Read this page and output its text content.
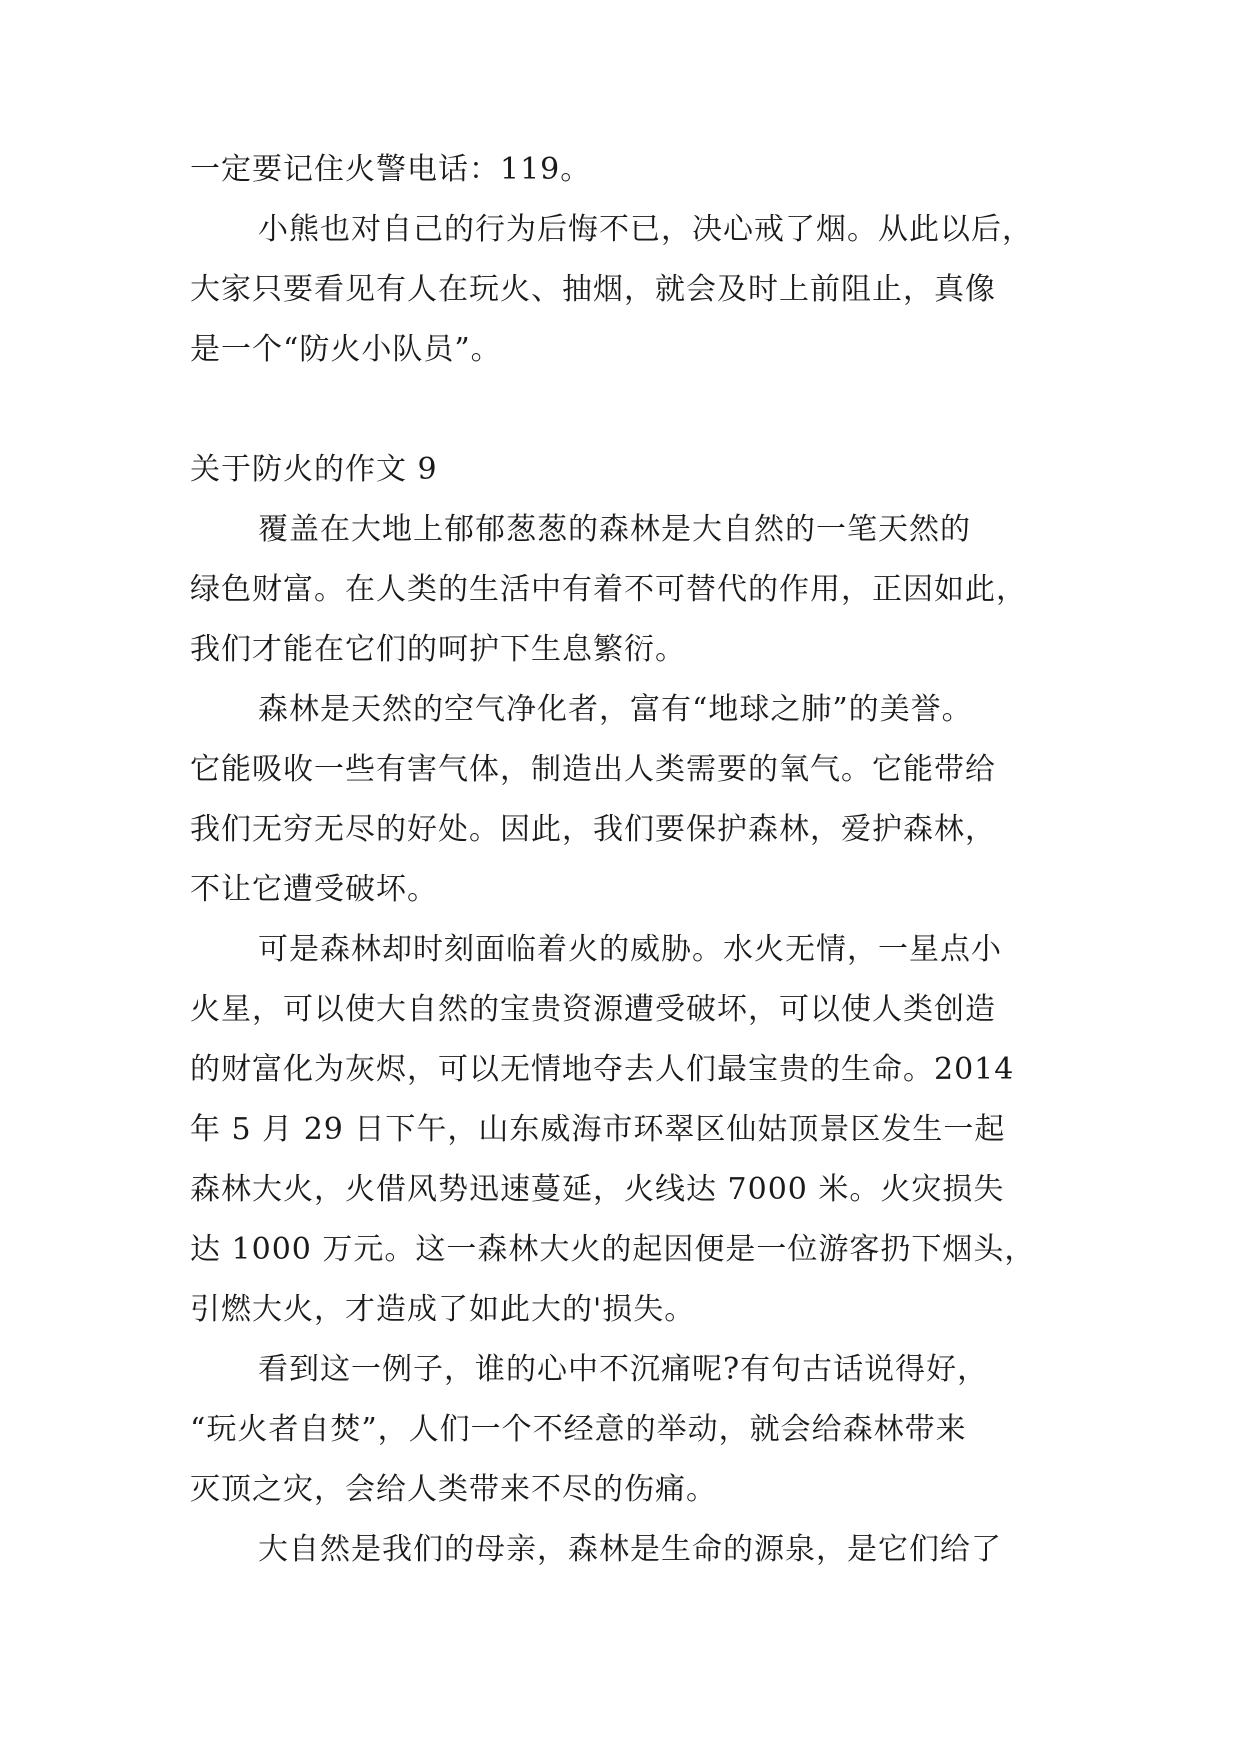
一定要记住火警电话：119。
小熊也对自己的行为后悔不已，决心戒了烟。从此以后，
大家只要看见有人在玩火、抽烟，就会及时上前阻止，真像
是一个“防火小队员”。
关于防火的作文 9
覆盖在大地上郁郁葱葱的森林是大自然的一笔天然的
绿色财富。在人类的生活中有着不可替代的作用，正因如此，
我们才能在它们的呵护下生息繁衍。
森林是天然的空气净化者，富有“地球之肺”的美誉。
它能吸收一些有害气体，制造出人类需要的氧气。它能带给
我们无穷无尽的好处。因此，我们要保护森林，爱护森林，
不让它遭受破坏。
可是森林却时刻面临着火的威胁。水火无情，一星点小
火星，可以使大自然的宝贵资源遭受破坏，可以使人类创造
的财富化为灰烬，可以无情地夺去人们最宝贵的生命。2014
年 5 月 29 日下午，山东威海市环翠区仙姑顶景区发生一起
森林大火，火借风势迅速蔓延，火线达 7000 米。火灾损失
达 1000 万元。这一森林大火的起因便是一位游客扔下烟头，
引燃大火，才造成了如此大的'损失。
看到这一例子，谁的心中不沉痛呢?有句古话说得好，
“玩火者自焚”，人们一个不经意的举动，就会给森林带来
灭顶之灾，会给人类带来不尽的伤痛。
大自然是我们的母亲，森林是生命的源泉，是它们给了
